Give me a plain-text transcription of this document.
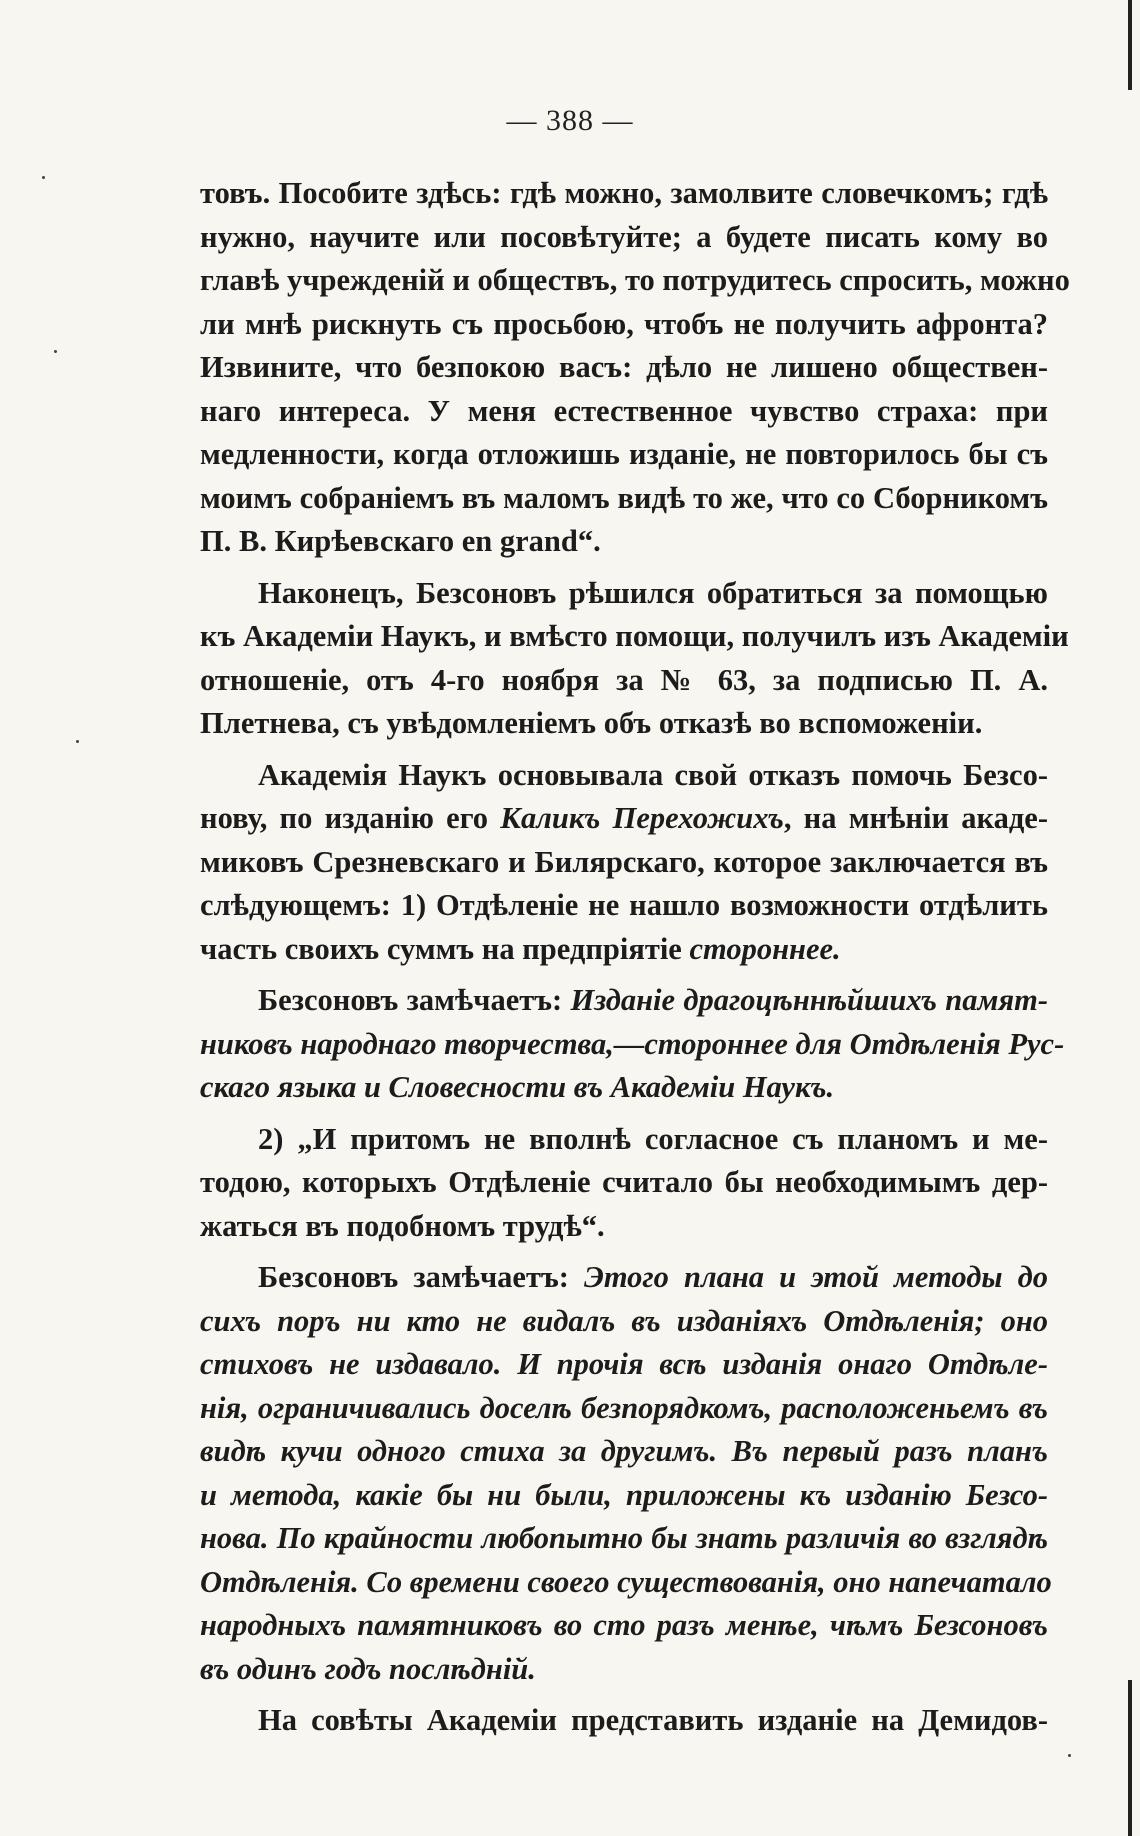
— 388 —
товъ. Пособите здѣсь: гдѣ можно, замолвите словечкомъ; гдѣ
нужно, научите или посовѣтуйте; а будете писать кому во
главѣ учрежденій и обществъ, то потрудитесь спросить, можно
ли мнѣ рискнуть съ просьбою, чтобъ не получить афронта?
Извините, что безпокою васъ: дѣло не лишено обществен-
наго интереса. У меня естественное чувство страха: при
медленности, когда отложишь изданіе, не повторилось бы съ
моимъ собраніемъ въ маломъ видѣ то же, что со Сборникомъ
П. В. Кирѣевскаго en grand“.
Наконецъ, Безсоновъ рѣшился обратиться за помощью
къ Академіи Наукъ, и вмѣсто помощи, получилъ изъ Академіи
отношеніе, отъ 4-го ноября за № 63, за подписью П. А.
Плетнева, съ увѣдомленіемъ объ отказѣ во вспоможеніи.
Академія Наукъ основывала свой отказъ помочь Безсо-
нову, по изданію его Каликъ Перехожихъ, на мнѣніи акаде-
миковъ Срезневскаго и Билярскаго, которое заключается въ
слѣдующемъ: 1) Отдѣленіе не нашло возможности отдѣлить
часть своихъ суммъ на предпріятіе стороннее.
Безсоновъ замѣчаетъ: Изданіе драгоцѣннѣйшихъ памят-
никовъ народнаго творчества,—стороннее для Отдѣленія Рус-
скаго языка и Словесности въ Академіи Наукъ.
2) „И притомъ не вполнѣ согласное съ планомъ и ме-
тодою, которыхъ Отдѣленіе считало бы необходимымъ дер-
жаться въ подобномъ трудѣ“.
Безсоновъ замѣчаетъ: Этого плана и этой методы до
сихъ поръ ни кто не видалъ въ изданіяхъ Отдѣленія; оно
стиховъ не издавало. И прочія всѣ изданія онаго Отдѣле-
нія, ограничивались доселѣ безпорядкомъ, расположеньемъ въ
видѣ кучи одного стиха за другимъ. Въ первый разъ планъ
и метода, какіе бы ни были, приложены къ изданію Безсо-
нова. По крайности любопытно бы знать различія во взглядѣ
Отдѣленія. Со времени своего существованія, оно напечатало
народныхъ памятниковъ во сто разъ менѣе, чѣмъ Безсоновъ
въ одинъ годъ послѣдній.
На совѣты Академіи представить изданіе на Демидов-
